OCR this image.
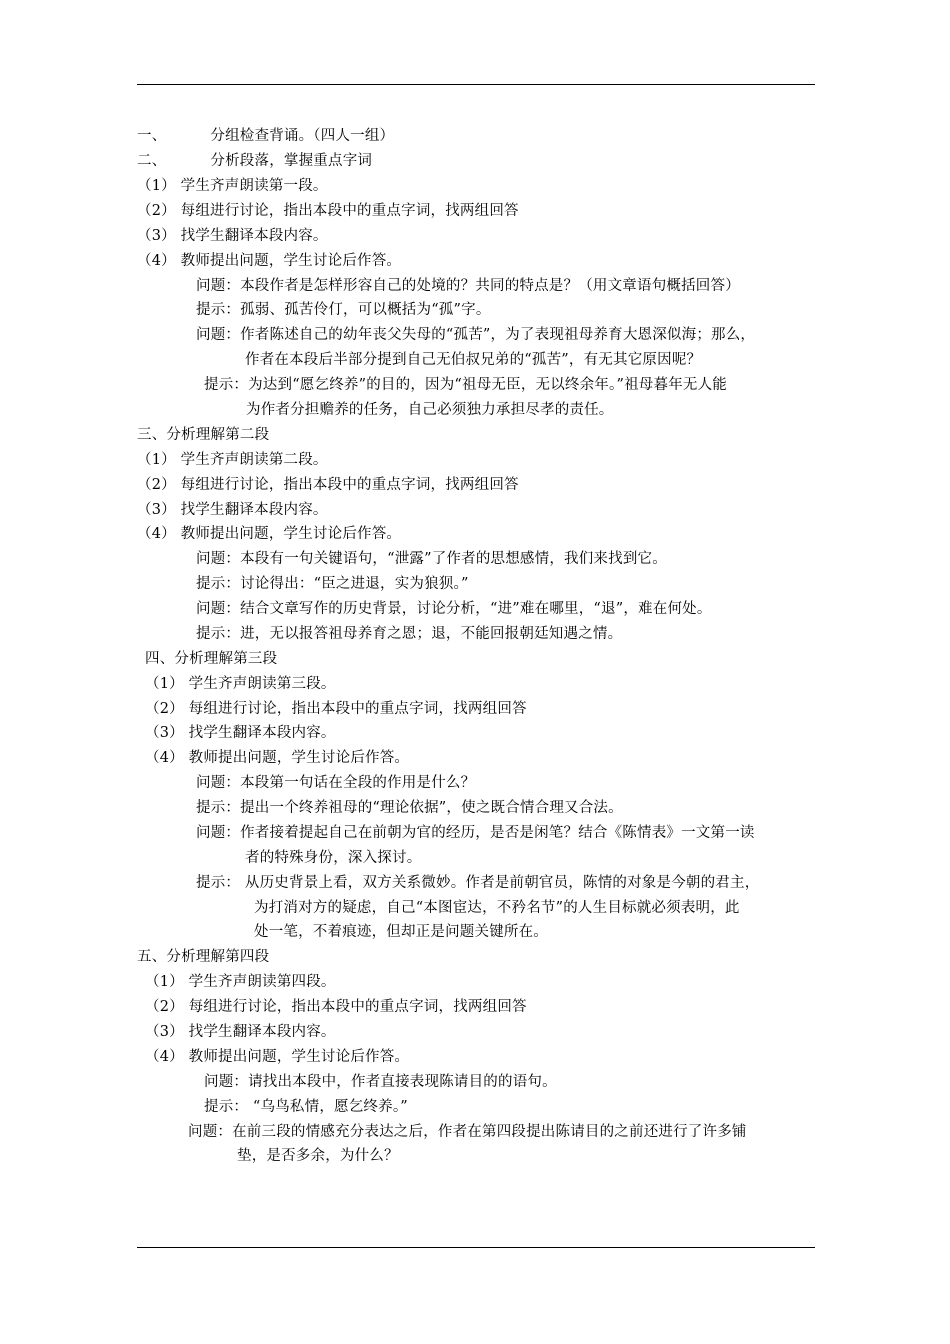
一、	分组检查背诵。（四人一组）
二、	分析段落，掌握重点字词
（1） 学生齐声朗读第一段。
（2） 每组进行讨论，指出本段中的重点字词，找两组回答
（3） 找学生翻译本段内容。
（4） 教师提出问题，学生讨论后作答。
问题：本段作者是怎样形容自己的处境的？共同的特点是？（用文章语句概括回答）
提示：孤弱、孤苦伶仃，可以概括为“孤”字。
问题：作者陈述自己的幼年丧父失母的“孤苦”，为了表现祖母养育大恩深似海；那么，
作者在本段后半部分提到自己无伯叔兄弟的“孤苦”，有无其它原因呢？
提示：为达到“愿乞终养”的目的，因为“祖母无臣，无以终余年。”祖母暮年无人能
为作者分担赡养的任务，自己必须独力承担尽孝的责任。
三、分析理解第二段
（1） 学生齐声朗读第二段。
（2） 每组进行讨论，指出本段中的重点字词，找两组回答
（3） 找学生翻译本段内容。
（4） 教师提出问题，学生讨论后作答。
问题：本段有一句关键语句，“泄露”了作者的思想感情，我们来找到它。
提示：讨论得出：“臣之进退，实为狼狈。”
问题：结合文章写作的历史背景，讨论分析，“进”难在哪里，“退”，难在何处。
提示：进，无以报答祖母养育之恩；退，不能回报朝廷知遇之情。
四、分析理解第三段
（1） 学生齐声朗读第三段。
（2） 每组进行讨论，指出本段中的重点字词，找两组回答
（3） 找学生翻译本段内容。
（4） 教师提出问题，学生讨论后作答。
问题：本段第一句话在全段的作用是什么？
提示：提出一个终养祖母的“理论依据”，使之既合情合理又合法。
问题：作者接着提起自己在前朝为官的经历，是否是闲笔？结合《陈情表》一文第一读
者的特殊身份，深入探讨。
提示： 从历史背景上看，双方关系微妙。作者是前朝官员，陈情的对象是今朝的君主，
为打消对方的疑虑，自己“本图宦达，不矜名节”的人生目标就必须表明，此
处一笔，不着痕迹，但却正是问题关键所在。
五、分析理解第四段
（1） 学生齐声朗读第四段。
（2） 每组进行讨论，指出本段中的重点字词，找两组回答
（3） 找学生翻译本段内容。
（4） 教师提出问题，学生讨论后作答。
问题：请找出本段中，作者直接表现陈请目的的语句。
提示： “乌鸟私情，愿乞终养。”
问题：在前三段的情感充分表达之后，作者在第四段提出陈请目的之前还进行了许多铺
垫，是否多余，为什么？
